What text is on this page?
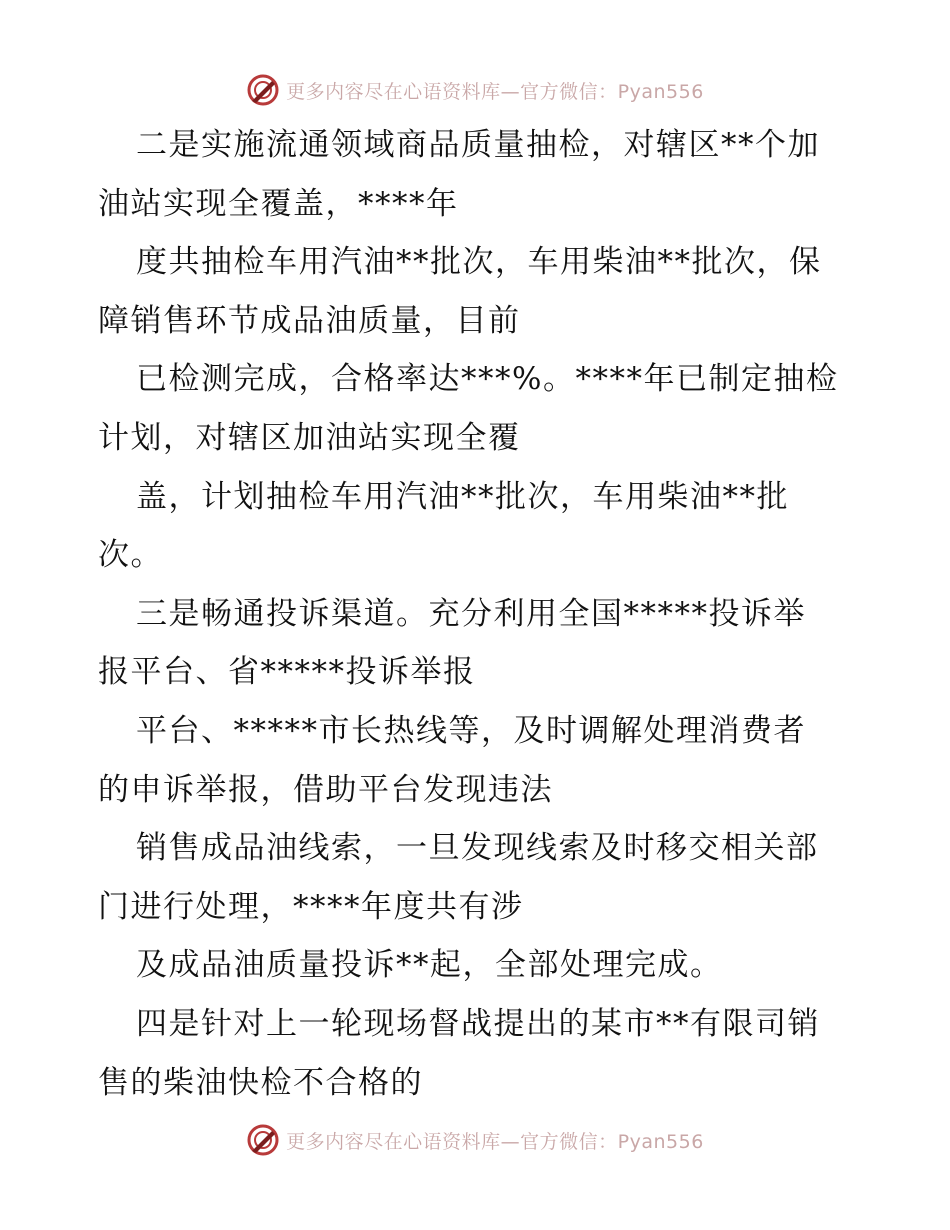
更多内容尽在心语资料库—官方微信：Pyan556
二是实施流通领域商品质量抽检，对辖区**个加
油站实现全覆盖，****年
度共抽检车用汽油**批次，车用柴油**批次，保
障销售环节成品油质量，目前
已检测完成，合格率达***%。****年已制定抽检
计划，对辖区加油站实现全覆
盖，计划抽检车用汽油**批次，车用柴油**批
次。
三是畅通投诉渠道。充分利用全国*****投诉举
报平台、省*****投诉举报
平台、*****市长热线等，及时调解处理消费者
的申诉举报，借助平台发现违法
销售成品油线索，一旦发现线索及时移交相关部
门进行处理，****年度共有涉
及成品油质量投诉**起，全部处理完成。
四是针对上一轮现场督战提出的某市**有限司销
售的柴油快检不合格的
更多内容尽在心语资料库—官方微信：Pyan556
